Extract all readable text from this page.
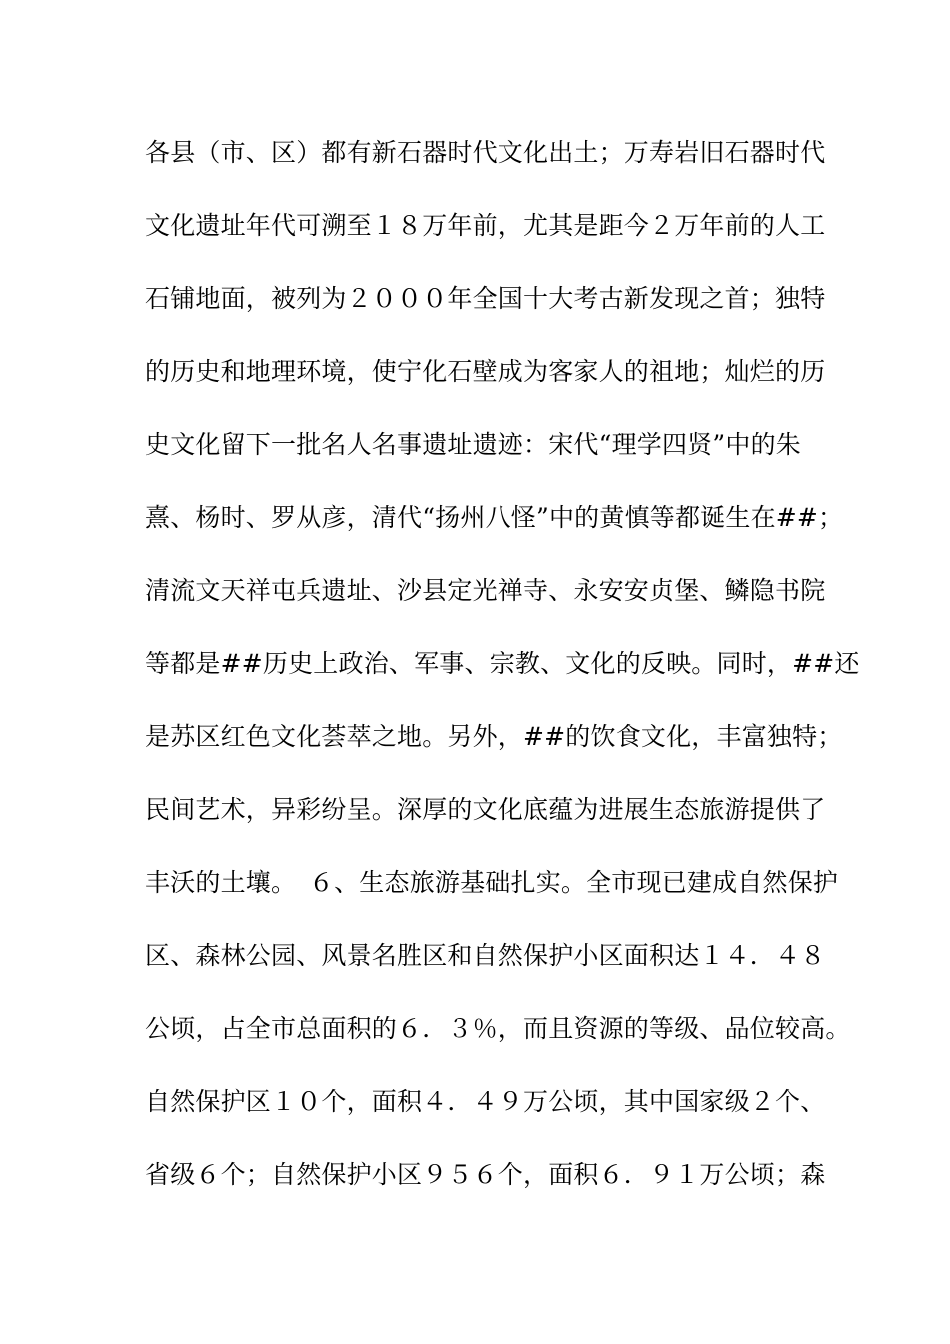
各县（市、区）都有新石器时代文化出土；万寿岩旧石器时代
文化遗址年代可溯至１８万年前，尤其是距今２万年前的人工
石铺地面，被列为２０００年全国十大考古新发现之首；独特
的历史和地理环境，使宁化石壁成为客家人的祖地；灿烂的历
史文化留下一批名人名事遗址遗迹：宋代“理学四贤”中的朱
熹、杨时、罗从彦，清代“扬州八怪”中的黄慎等都诞生在##；
清流文天祥屯兵遗址、沙县定光禅寺、永安安贞堡、鳞隐书院
等都是##历史上政治、军事、宗教、文化的反映。同时，##还
是苏区红色文化荟萃之地。另外，##的饮食文化，丰富独特；
民间艺术，异彩纷呈。深厚的文化底蕴为进展生态旅游提供了
丰沃的土壤。　６、生态旅游基础扎实。全市现已建成自然保护
区、森林公园、风景名胜区和自然保护小区面积达１４．４８
公顷，占全市总面积的６．３％，而且资源的等级、品位较高。
自然保护区１０个，面积４．４９万公顷，其中国家级２个、
省级６个；自然保护小区９５６个，面积６．９１万公顷；森
